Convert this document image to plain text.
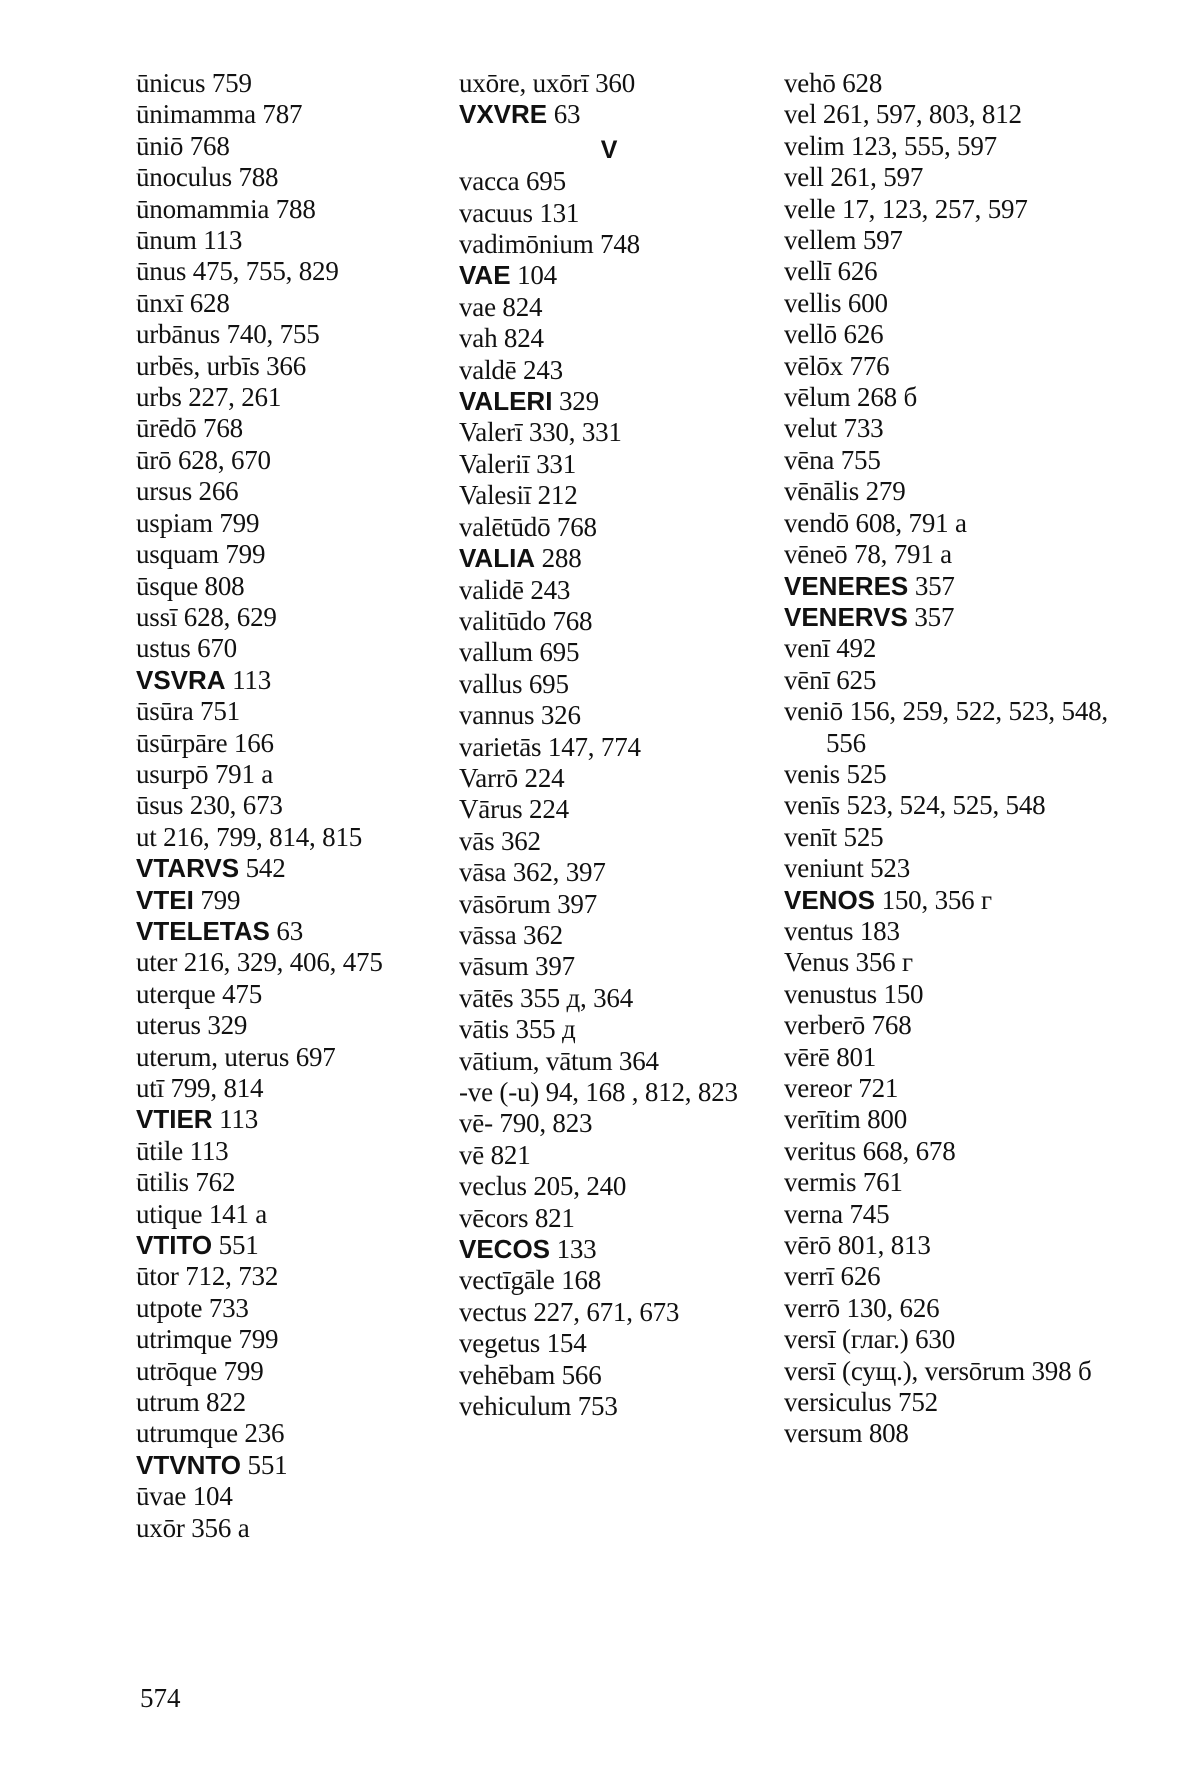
ūnicus 759

ūnimamma 787

ūniō 768

ūnoculus 788

ūnomammia 788

ūnum 113

ūnus 475, 755, 829

ūnxī 628

urbānus 740, 755

urbēs, urbīs 366

urbs 227, 261

ūrēdō 768

ūrō 628, 670

ursus 266

uspiam 799

usquam 799

ūsque 808

ussī 628, 629

ustus 670

VSVRA 113

ūsūra 751

ūsūrpāre 166

usurpō 791 a

ūsus 230, 673

ut 216, 799, 814, 815

VTARVS 542

VTEI 799

VTELETAS 63

uter 216, 329, 406, 475

uterque 475

uterus 329

uterum, uterus 697

utī 799, 814

VTIER 113

ūtile 113

ūtilis 762

utique 141 a

VTITO 551

ūtor 712, 732

utpote 733

utrimque 799

utrōque 799

utrum 822

utrumque 236

VTVNTO 551

ūvae 104

uxōr 356 a

uxōre, uxōrī 360

VXVRE 63

V

vacca 695

vacuus 131

vadimōnium 748

VAE 104

vae 824

vah 824

valdē 243

VALERI 329

Valerī 330, 331

Valeriī 331

Valesiī 212

valētūdō 768

VALIA 288

validē 243

valitūdo 768

vallum 695

vallus 695

vannus 326

varietās 147, 774

Varrō 224

Vārus 224

vās 362

vāsa 362, 397

vāsōrum 397

vāssa 362

vāsum 397

vātēs 355 д, 364

vātis 355 д

vātium, vātum 364

-ve (-u) 94, 168 , 812, 823

vē- 790, 823

vē 821

veclus 205, 240

vēcors 821

VECOS 133

vectīgāle 168

vectus 227, 671, 673

vegetus 154

vehēbam 566

vehiculum 753

vehō 628

vel 261, 597, 803, 812

velim 123, 555, 597

vell 261, 597

velle 17, 123, 257, 597

vellem 597

vellī 626

vellis 600

vellō 626

vēlōx 776

vēlum 268 б

velut 733

vēna 755

vēnālis 279

vendō 608, 791 a

vēneō 78, 791 a

VENERES 357

VENERVS 357

venī 492

vēnī 625

veniō 156, 259, 522, 523, 548, 556

venis 525

venīs 523, 524, 525, 548

venīt 525

veniunt 523

VENOS 150, 356 г

ventus 183

Venus 356 г

venustus 150

verberō 768

vērē 801

vereor 721

verītim 800

veritus 668, 678

vermis 761

verna 745

vērō 801, 813

verrī 626

verrō 130, 626

versī (глаг.) 630

versī (сущ.), versōrum 398 б

versiculus 752

versum 808

574
